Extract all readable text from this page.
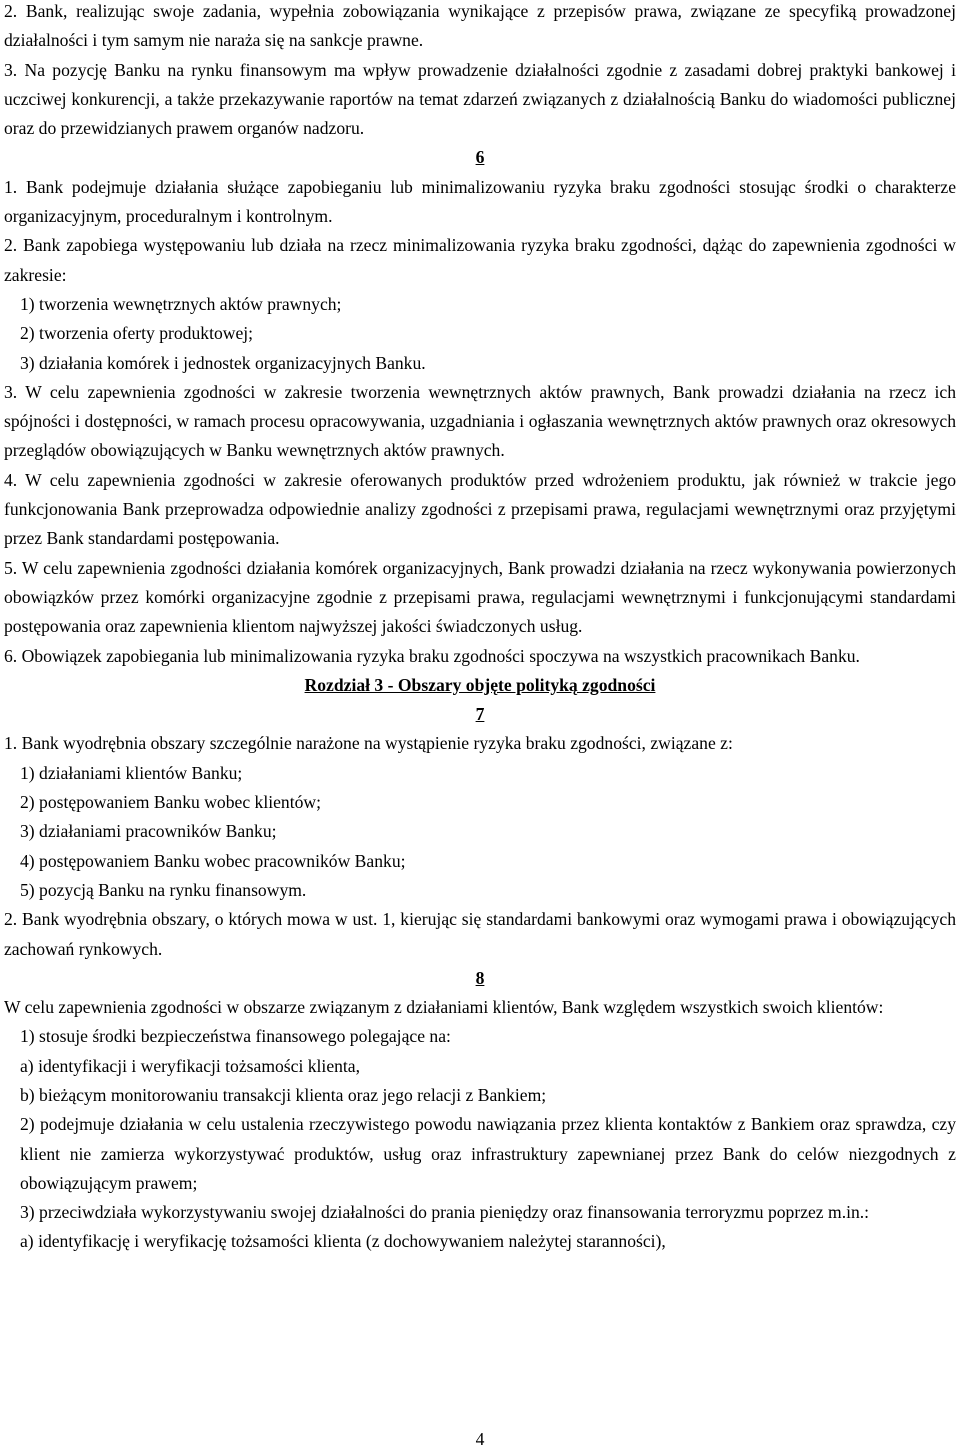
2. Bank, realizując swoje zadania, wypełnia zobowiązania wynikające z przepisów prawa, związane ze specyfiką prowadzonej działalności i tym samym nie naraża się na sankcje prawne.
3. Na pozycję Banku na rynku finansowym ma wpływ prowadzenie działalności zgodnie z zasadami dobrej praktyki bankowej i uczciwej konkurencji, a także przekazywanie raportów na temat zdarzeń związanych z działalnością Banku do wiadomości publicznej oraz do przewidzianych prawem organów nadzoru.
6
1. Bank podejmuje działania służące zapobieganiu lub minimalizowaniu ryzyka braku zgodności stosując środki o charakterze organizacyjnym, proceduralnym i kontrolnym.
2. Bank zapobiega występowaniu lub działa na rzecz minimalizowania ryzyka braku zgodności, dążąc do zapewnienia zgodności w zakresie:
1) tworzenia wewnętrznych aktów prawnych;
2) tworzenia oferty produktowej;
3) działania komórek i jednostek organizacyjnych Banku.
3. W celu zapewnienia zgodności w zakresie tworzenia wewnętrznych aktów prawnych, Bank prowadzi działania na rzecz ich spójności i dostępności, w ramach procesu opracowywania, uzgadniania i ogłaszania wewnętrznych aktów prawnych oraz okresowych przeglądów obowiązujących w Banku wewnętrznych aktów prawnych.
4. W celu zapewnienia zgodności w zakresie oferowanych produktów przed wdrożeniem produktu, jak również w trakcie jego funkcjonowania Bank przeprowadza odpowiednie analizy zgodności z przepisami prawa, regulacjami wewnętrznymi oraz przyjętymi przez Bank standardami postępowania.
5. W celu zapewnienia zgodności działania komórek organizacyjnych, Bank prowadzi działania na rzecz wykonywania powierzonych obowiązków przez komórki organizacyjne zgodnie z przepisami prawa, regulacjami wewnętrznymi i funkcjonującymi standardami postępowania oraz zapewnienia klientom najwyższej jakości świadczonych usług.
6. Obowiązek zapobiegania lub minimalizowania ryzyka braku zgodności spoczywa na wszystkich pracownikach Banku.
Rozdział 3 - Obszary objęte polityką zgodności
7
1. Bank wyodrębnia obszary szczególnie narażone na wystąpienie ryzyka braku zgodności, związane z:
1) działaniami klientów Banku;
2) postępowaniem Banku wobec klientów;
3) działaniami pracowników Banku;
4) postępowaniem Banku wobec pracowników Banku;
5) pozycją Banku na rynku finansowym.
2. Bank wyodrębnia obszary, o których mowa w ust. 1, kierując się standardami bankowymi oraz wymogami prawa i obowiązujących zachowań rynkowych.
8
W celu zapewnienia zgodności w obszarze związanym z działaniami klientów, Bank względem wszystkich swoich klientów:
1) stosuje środki bezpieczeństwa finansowego polegające na:
a) identyfikacji i weryfikacji tożsamości klienta,
b) bieżącym monitorowaniu transakcji klienta oraz jego relacji z Bankiem;
2) podejmuje działania w celu ustalenia rzeczywistego powodu nawiązania przez klienta kontaktów z Bankiem oraz sprawdza, czy klient nie zamierza wykorzystywać produktów, usług oraz infrastruktury zapewnianej przez Bank do celów niezgodnych z obowiązującym prawem;
3) przeciwdziała wykorzystywaniu swojej działalności do prania pieniędzy oraz finansowania terroryzmu poprzez m.in.:
a) identyfikację i weryfikację tożsamości klienta (z dochowywaniem należytej staranności),
4
